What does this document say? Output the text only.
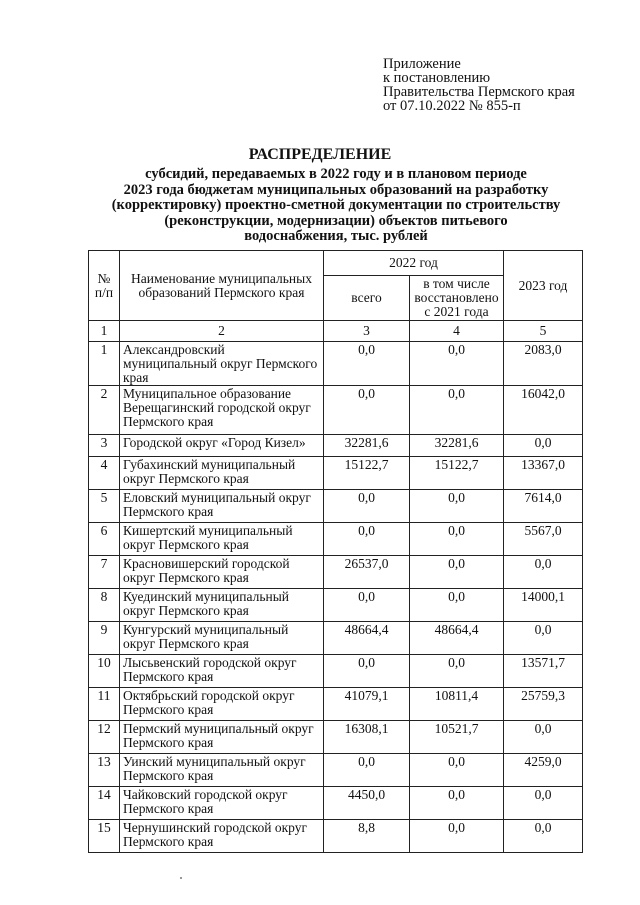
Приложение
к постановлению
Правительства Пермского края
от 07.10.2022 № 855-п
РАСПРЕДЕЛЕНИЕ
субсидий, передаваемых в 2022 году и в плановом периоде
2023 года бюджетам муниципальных образований на разработку
(корректировку) проектно-сметной документации по строительству
(реконструкции, модернизации) объектов питьевого
водоснабжения, тыс. рублей
№
п/п	Наименование муниципальных образований Пермского края	2022 год		2023 год
		всего	в том числе восстановлено с 2021 года	
1	2	3	4	5
1	Александровский муниципальный округ Пермского края	0,0	0,0	2083,0
2	Муниципальное образование Верещагинский городской округ Пермского края	0,0	0,0	16042,0
3	Городской округ «Город Кизел»	32281,6	32281,6	0,0
4	Губахинский муниципальный округ Пермского края	15122,7	15122,7	13367,0
5	Еловский муниципальный округ Пермского края	0,0	0,0	7614,0
6	Кишертский муниципальный округ Пермского края	0,0	0,0	5567,0
7	Красновишерский городской округ Пермского края	26537,0	0,0	0,0
8	Куединский муниципальный округ Пермского края	0,0	0,0	14000,1
9	Кунгурский муниципальный округ Пермского края	48664,4	48664,4	0,0
10	Лысьвенский городской округ Пермского края	0,0	0,0	13571,7
11	Октябрьский городской округ Пермского края	41079,1	10811,4	25759,3
12	Пермский муниципальный округ Пермского края	16308,1	10521,7	0,0
13	Уинский муниципальный округ Пермского края	0,0	0,0	4259,0
14	Чайковский городской округ Пермского края	4450,0	0,0	0,0
15	Чернушинский городской округ Пермского края	8,8	0,0	0,0
